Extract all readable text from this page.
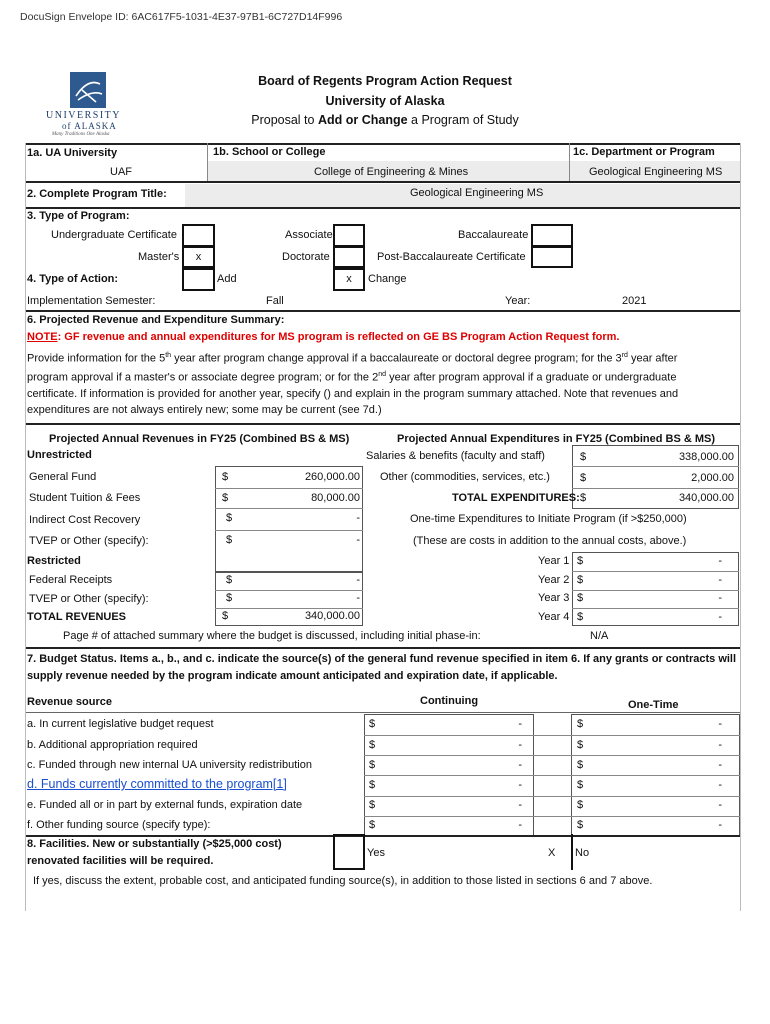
DocuSign Envelope ID: 6AC617F5-1031-4E37-97B1-6C727D14F996
UNIVERSITY
of ALASKA
Many Traditions One Alaska
Board of Regents Program Action Request
University of Alaska
Proposal to Add or Change a Program of Study
1a. UA University
UAF
1b. School or College
College of Engineering & Mines
1c. Department or Program
Geological Engineering MS
2. Complete Program Title:	Geological Engineering MS
3. Type of Program:
Undergraduate Certificate
Master's	x
Associate
Doctorate
Baccalaureate
Post-Baccalaureate Certificate
4. Type of Action:	Add	x	Change
Implementation Semester:	Fall	Year:	2021
6. Projected Revenue and Expenditure Summary:
NOTE: GF revenue and annual expenditures for MS program is reflected on GE BS Program Action Request form.
Provide information for the 5th year after program change approval if a baccalaureate or doctoral degree program; for the 3rd year after
program approval if a master's or associate degree program; or for the 2nd year after program approval if a graduate or undergraduate
certificate. If information is provided for another year, specify () and explain in the program summary attached. Note that revenues and
expenditures are not always entirely new; some may be current (see 7d.)
Projected Annual Revenues in FY25 (Combined BS & MS)
Unrestricted
General Fund	$	260,000.00
Student Tuition & Fees	$	80,000.00
Indirect Cost Recovery	$	-
TVEP or Other (specify):	$	-
Restricted
Federal Receipts	$	-
TVEP or Other (specify):	$	-
TOTAL REVENUES	$	340,000.00
Projected Annual Expenditures in FY25 (Combined BS & MS)
Salaries & benefits (faculty and staff)	$	338,000.00
Other (commodities, services, etc.)	$	2,000.00
TOTAL EXPENDITURES: $	340,000.00
One-time Expenditures to Initiate Program (if >$250,000)
(These are costs in addition to the annual costs, above.)
Year 1 $	-
Year 2 $	-
Year 3 $	-
Year 4 $	-
Page # of attached summary where the budget is discussed, including initial phase-in:	N/A
7. Budget Status. Items a., b., and c. indicate the source(s) of the general fund revenue specified in item 6. If any grants or contracts will
supply revenue needed by the program indicate amount anticipated and expiration date, if applicable.
Revenue source	Continuing	One-Time
a. In current legislative budget request	$	-	$	-
b. Additional appropriation required	$	-	$	-
c. Funded through new internal UA university redistribution	$	-	$	-
d. Funds currently committed to the program[1]	$	-	$	-
e. Funded all or in part by external funds, expiration date	$	-	$	-
f. Other funding source (specify type):	$	-	$	-
8. Facilities. New or substantially (>$25,000 cost)
renovated facilities will be required.
Yes	X No
If yes, discuss the extent, probable cost, and anticipated funding source(s), in addition to those listed in sections 6 and 7 above.
